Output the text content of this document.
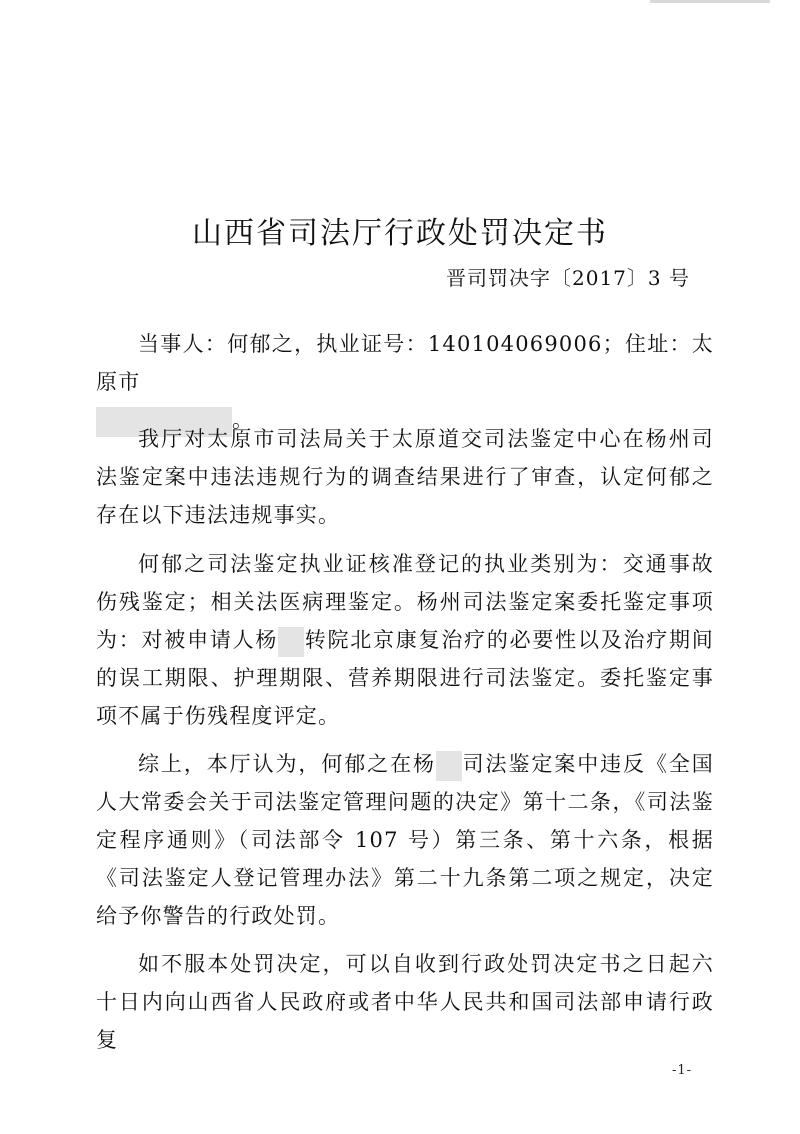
山西省司法厅行政处罚决定书
晋司罚决字〔2017〕3 号

当事人：何郁之，执业证号：140104069006；住址：太原市
。

我厅对太原市司法局关于太原道交司法鉴定中心在杨州司法鉴定案中违法违规行为的调查结果进行了审查，认定何郁之存在以下违法违规事实。

何郁之司法鉴定执业证核准登记的执业类别为：交通事故伤残鉴定；相关法医病理鉴定。杨州司法鉴定案委托鉴定事项为：对被申请人杨 转院北京康复治疗的必要性以及治疗期间的误工期限、护理期限、营养期限进行司法鉴定。委托鉴定事项不属于伤残程度评定。

综上，本厅认为，何郁之在杨 司法鉴定案中违反《全国人大常委会关于司法鉴定管理问题的决定》第十二条，《司法鉴定程序通则》（司法部令 107 号）第三条、第十六条，根据《司法鉴定人登记管理办法》第二十九条第二项之规定，决定给予你警告的行政处罚。

如不服本处罚决定，可以自收到行政处罚决定书之日起六十日内向山西省人民政府或者中华人民共和国司法部申请行政复

-1-
